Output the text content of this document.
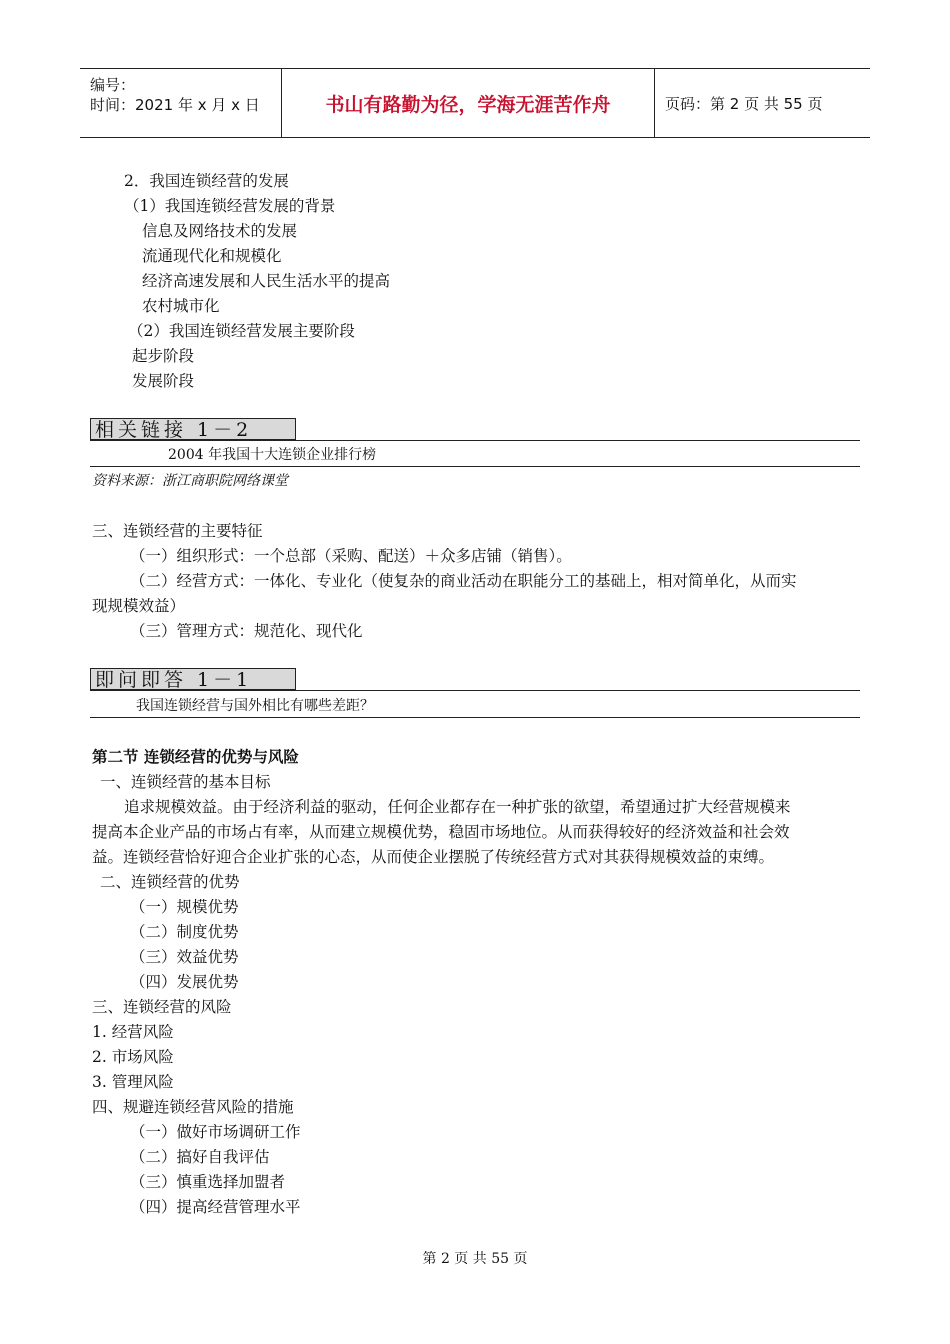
编号：
时间：2021 年 x 月 x 日	书山有路勤为径，学海无涯苦作舟	页码：第 2 页 共 55 页
2．我国连锁经营的发展
（1）我国连锁经营发展的背景
信息及网络技术的发展
流通现代化和规模化
经济高速发展和人民生活水平的提高
农村城市化
（2）我国连锁经营发展主要阶段
起步阶段
发展阶段
相关链接 1－2
2004 年我国十大连锁企业排行榜
资料来源：浙江商职院网络课堂
三、连锁经营的主要特征
（一）组织形式：一个总部（采购、配送）＋众多店铺（销售）。
（二）经营方式：一体化、专业化（使复杂的商业活动在职能分工的基础上，相对简单化，从而实
现规模效益）
（三）管理方式：规范化、现代化
即问即答 1－1
我国连锁经营与国外相比有哪些差距？
第二节 连锁经营的优势与风险
一、连锁经营的基本目标
追求规模效益。由于经济利益的驱动，任何企业都存在一种扩张的欲望，希望通过扩大经营规模来
提高本企业产品的市场占有率，从而建立规模优势，稳固市场地位。从而获得较好的经济效益和社会效
益。连锁经营恰好迎合企业扩张的心态，从而使企业摆脱了传统经营方式对其获得规模效益的束缚。
二、连锁经营的优势
（一）规模优势
（二）制度优势
（三）效益优势
（四）发展优势
三、连锁经营的风险
1. 经营风险
2. 市场风险
3. 管理风险
四、规避连锁经营风险的措施
（一）做好市场调研工作
（二）搞好自我评估
（三）慎重选择加盟者
（四）提高经营管理水平
第 2 页 共 55 页
